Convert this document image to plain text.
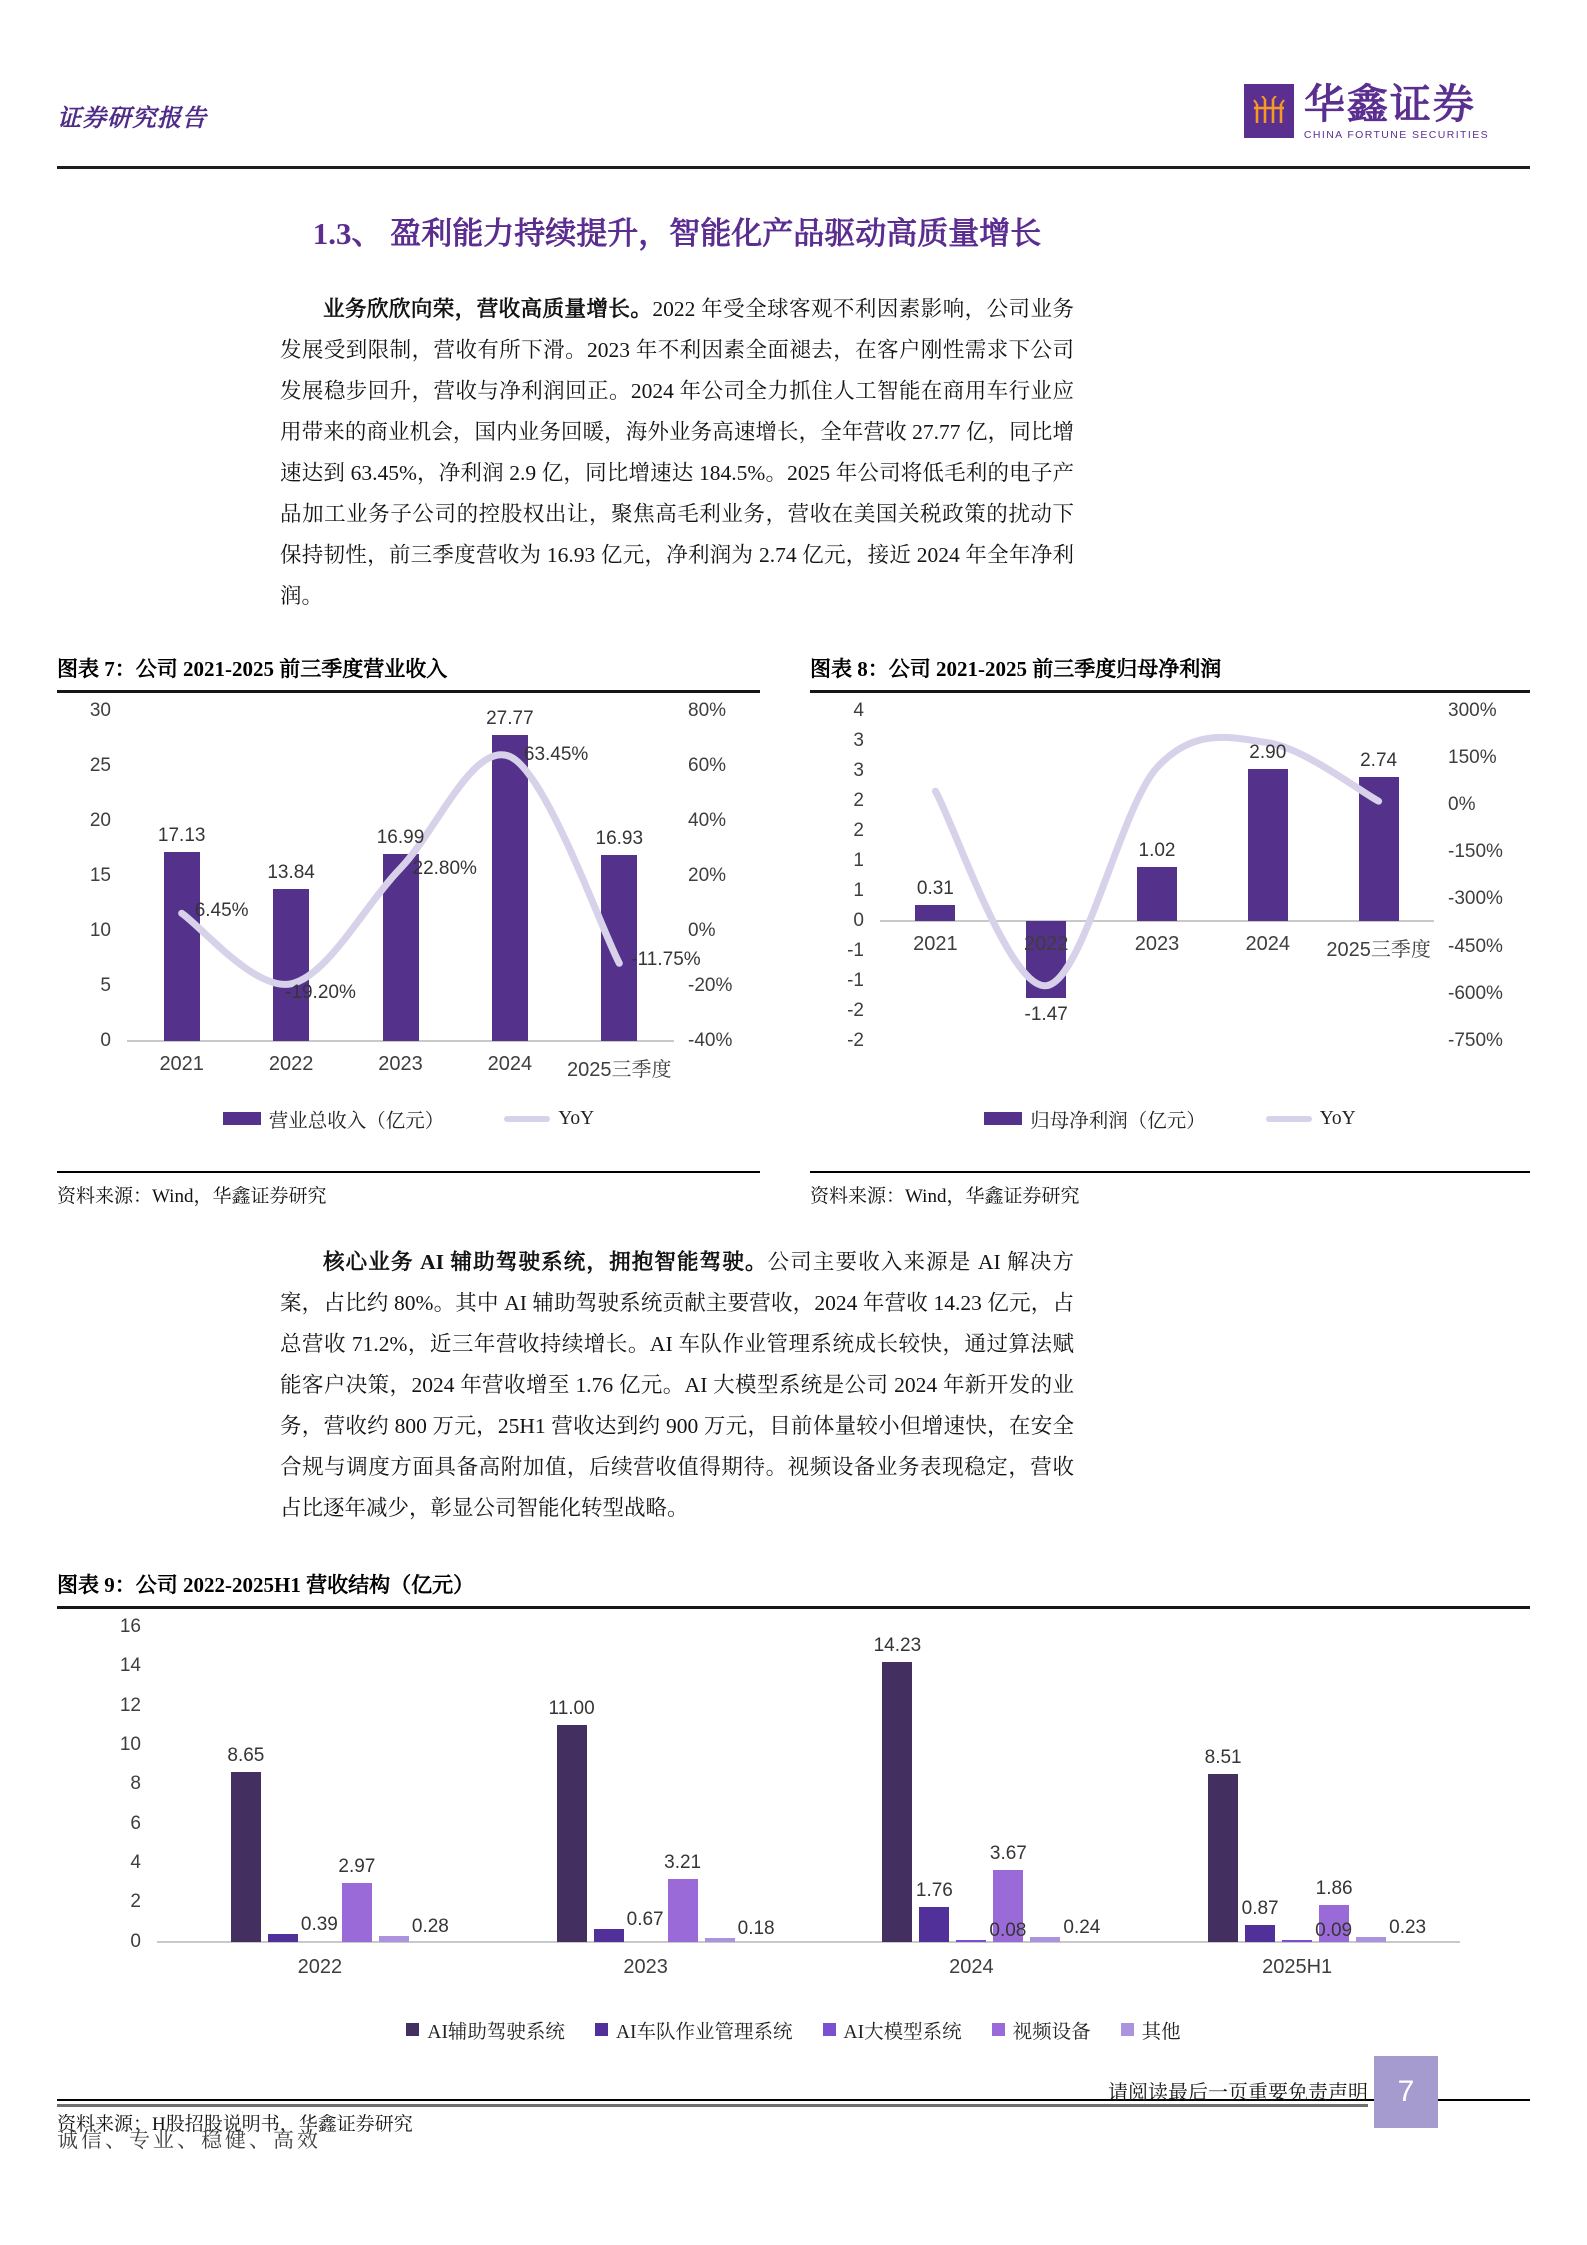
证券研究报告	华鑫证券
CHINA FORTUNE SECURITIES
1.3、 盈利能力持续提升，智能化产品驱动高质量增长

业务欣欣向荣，营收高质量增长。2022 年受全球客观不利因素影响，公司业务发展受到限制，营收有所下滑。2023 年不利因素全面褪去，在客户刚性需求下公司发展稳步回升，营收与净利润回正。2024 年公司全力抓住人工智能在商用车行业应用带来的商业机会，国内业务回暖，海外业务高速增长，全年营收 27.77 亿，同比增速达到 63.45%，净利润 2.9 亿，同比增速达 184.5%。2025 年公司将低毛利的电子产品加工业务子公司的控股权出让，聚焦高毛利业务，营收在美国关税政策的扰动下保持韧性，前三季度营收为 16.93 亿元，净利润为 2.74 亿元，接近 2024 年全年净利润。

图表 7：公司 2021-2025 前三季度营业收入
30
25
20
15
10
5
0
80%
60%
40%
20%
0%
-20%
-40%
17.13
2021
13.84
2022
16.99
2023
27.77
2024
16.93
2025三季度
6.45%
-19.20%
22.80%
63.45%
-11.75%
营业总收入（亿元）	YoY
资料来源：Wind，华鑫证券研究
图表 8：公司 2021-2025 前三季度归母净利润
4
3
3
2
2
1
1
0
-1
-1
-2
-2
300%
150%
0%
-150%
-300%
-450%
-600%
-750%
0.31
2021
-1.47
2022
1.02
2023
2.90
2024
2.74
2025三季度
归母净利润（亿元）	YoY
资料来源：Wind，华鑫证券研究

核心业务 AI 辅助驾驶系统，拥抱智能驾驶。公司主要收入来源是 AI 解决方案，占比约 80%。其中 AI 辅助驾驶系统贡献主要营收，2024 年营收 14.23 亿元，占总营收 71.2%，近三年营收持续增长。AI 车队作业管理系统成长较快，通过算法赋能客户决策，2024 年营收增至 1.76 亿元。AI 大模型系统是公司 2024 年新开发的业务，营收约 800 万元，25H1 营收达到约 900 万元，目前体量较小但增速快，在安全合规与调度方面具备高附加值，后续营收值得期待。视频设备业务表现稳定，营收占比逐年减少，彰显公司智能化转型战略。

图表 9：公司 2022-2025H1 营收结构（亿元）
16
14
12
10
8
6
4
2
0
8.65
0.39
2.97
0.28
2022
11.00
0.67
3.21
0.18
2023
14.23
1.76
0.08
3.67
0.24
2024
8.51
0.87
0.09
1.86
0.23
2025H1
AI辅助驾驶系统	AI车队作业管理系统	AI大模型系统	视频设备	其他
资料来源：H股招股说明书，华鑫证券研究
请阅读最后一页重要免责声明 7
诚信、专业、稳健、高效
